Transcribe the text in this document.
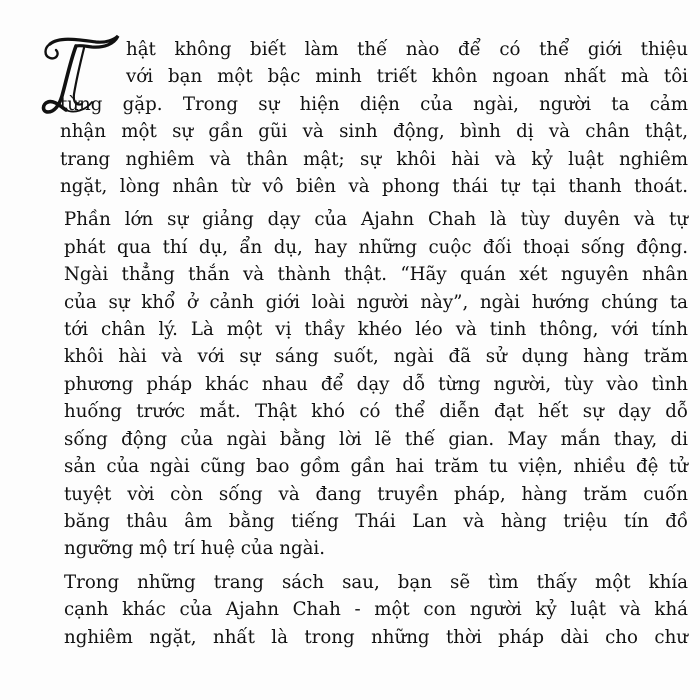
hật không biết làm thế nào để có thể giới thiệu
với bạn một bậc minh triết khôn ngoan nhất mà tôi
từng gặp. Trong sự hiện diện của ngài, người ta cảm
nhận một sự gần gũi và sinh động, bình dị và chân thật,
trang nghiêm và thân mật; sự khôi hài và kỷ luật nghiêm
ngặt, lòng nhân từ vô biên và phong thái tự tại thanh thoát.
Phần lớn sự giảng dạy của Ajahn Chah là tùy duyên và tự
phát qua thí dụ, ẩn dụ, hay những cuộc đối thoại sống động.
Ngài thẳng thắn và thành thật. “Hãy quán xét nguyên nhân
của sự khổ ở cảnh giới loài người này”, ngài hướng chúng ta
tới chân lý. Là một vị thầy khéo léo và tinh thông, với tính
khôi hài và với sự sáng suốt, ngài đã sử dụng hàng trăm
phương pháp khác nhau để dạy dỗ từng người, tùy vào tình
huống trước mắt. Thật khó có thể diễn đạt hết sự dạy dỗ
sống động của ngài bằng lời lẽ thế gian. May mắn thay, di
sản của ngài cũng bao gồm gần hai trăm tu viện, nhiều đệ tử
tuyệt vời còn sống và đang truyền pháp, hàng trăm cuốn
băng thâu âm bằng tiếng Thái Lan và hàng triệu tín đồ
ngưỡng mộ trí huệ của ngài.
Trong những trang sách sau, bạn sẽ tìm thấy một khía
cạnh khác của Ajahn Chah - một con người kỷ luật và khá
nghiêm ngặt, nhất là trong những thời pháp dài cho chư
